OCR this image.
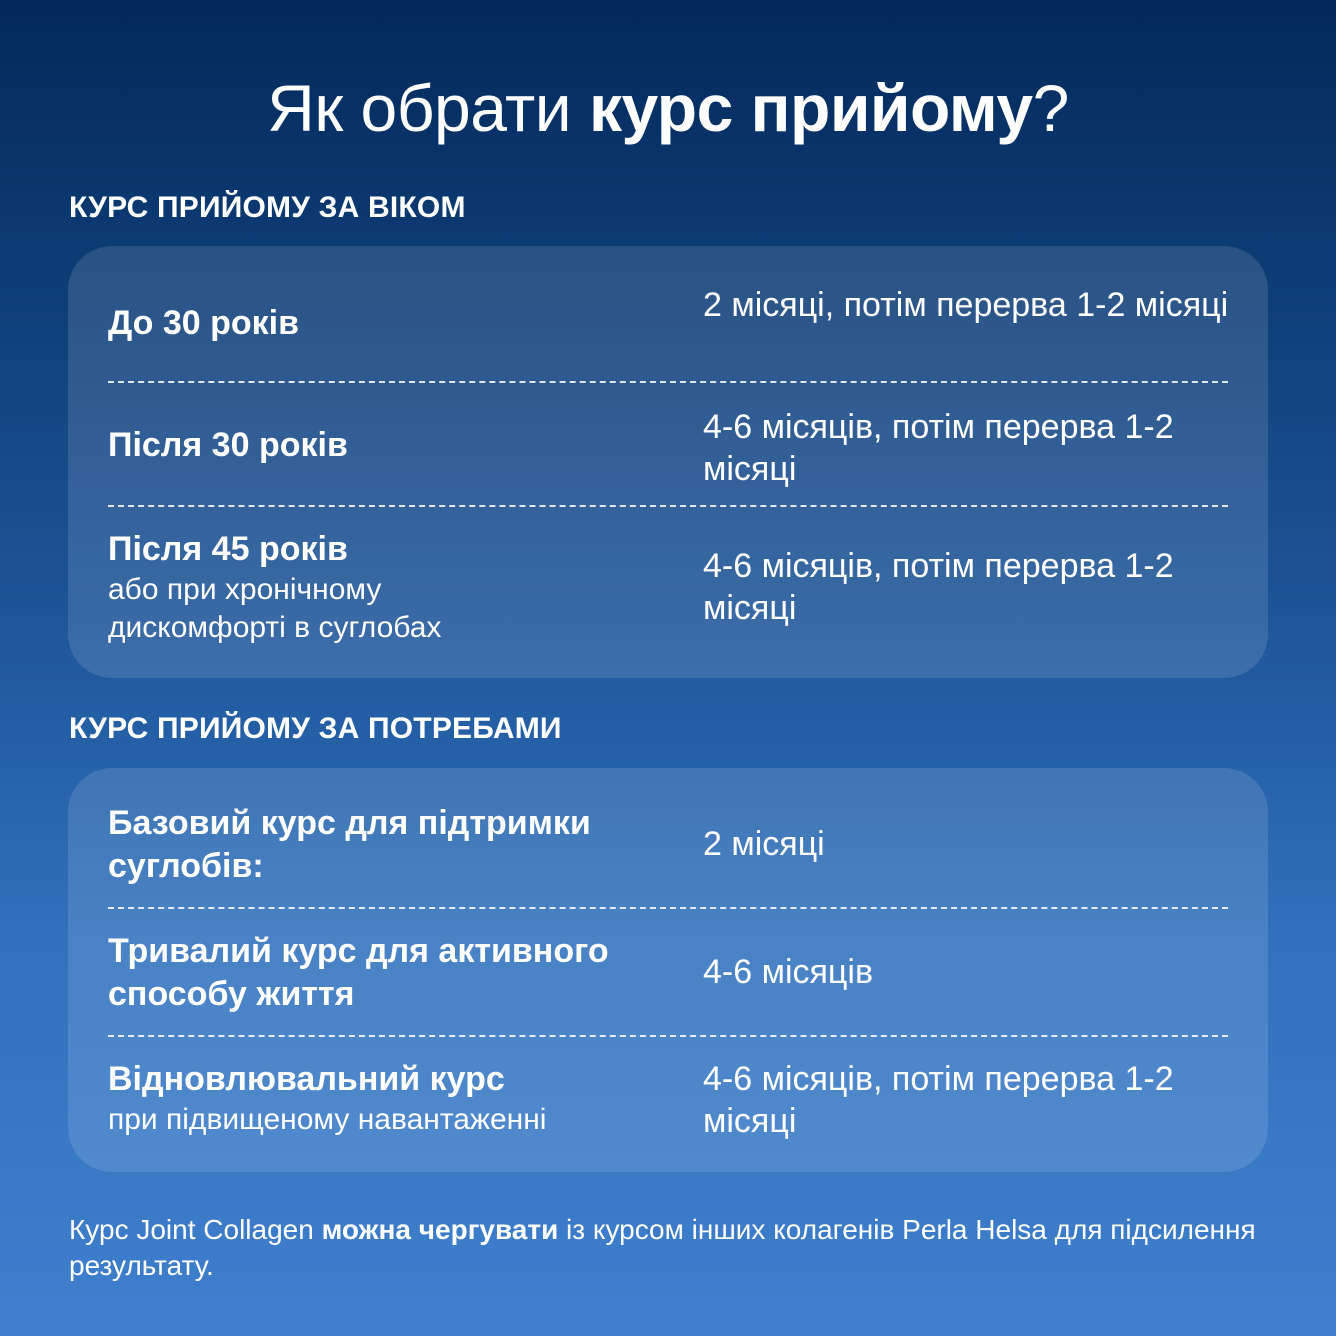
Як обрати курс прийому?
КУРС ПРИЙОМУ ЗА ВІКОМ
До 30 років	2 місяці, потім перерва 1-2 місяці
Після 30 років	4-6 місяців, потім перерва 1-2 місяці
Після 45 років
або при хронічному дискомфорті в суглобах
4-6 місяців, потім перерва 1-2 місяці
КУРС ПРИЙОМУ ЗА ПОТРЕБАМИ
Базовий курс для підтримки суглобів:
2 місяці
Тривалий курс для активного способу життя
4-6 місяців
Відновлювальний курс
при підвищеному навантаженні
4-6 місяців, потім перерва 1-2 місяці
Курс Joint Collagen можна чергувати із курсом інших колагенів Perla Helsa для підсилення результату.
